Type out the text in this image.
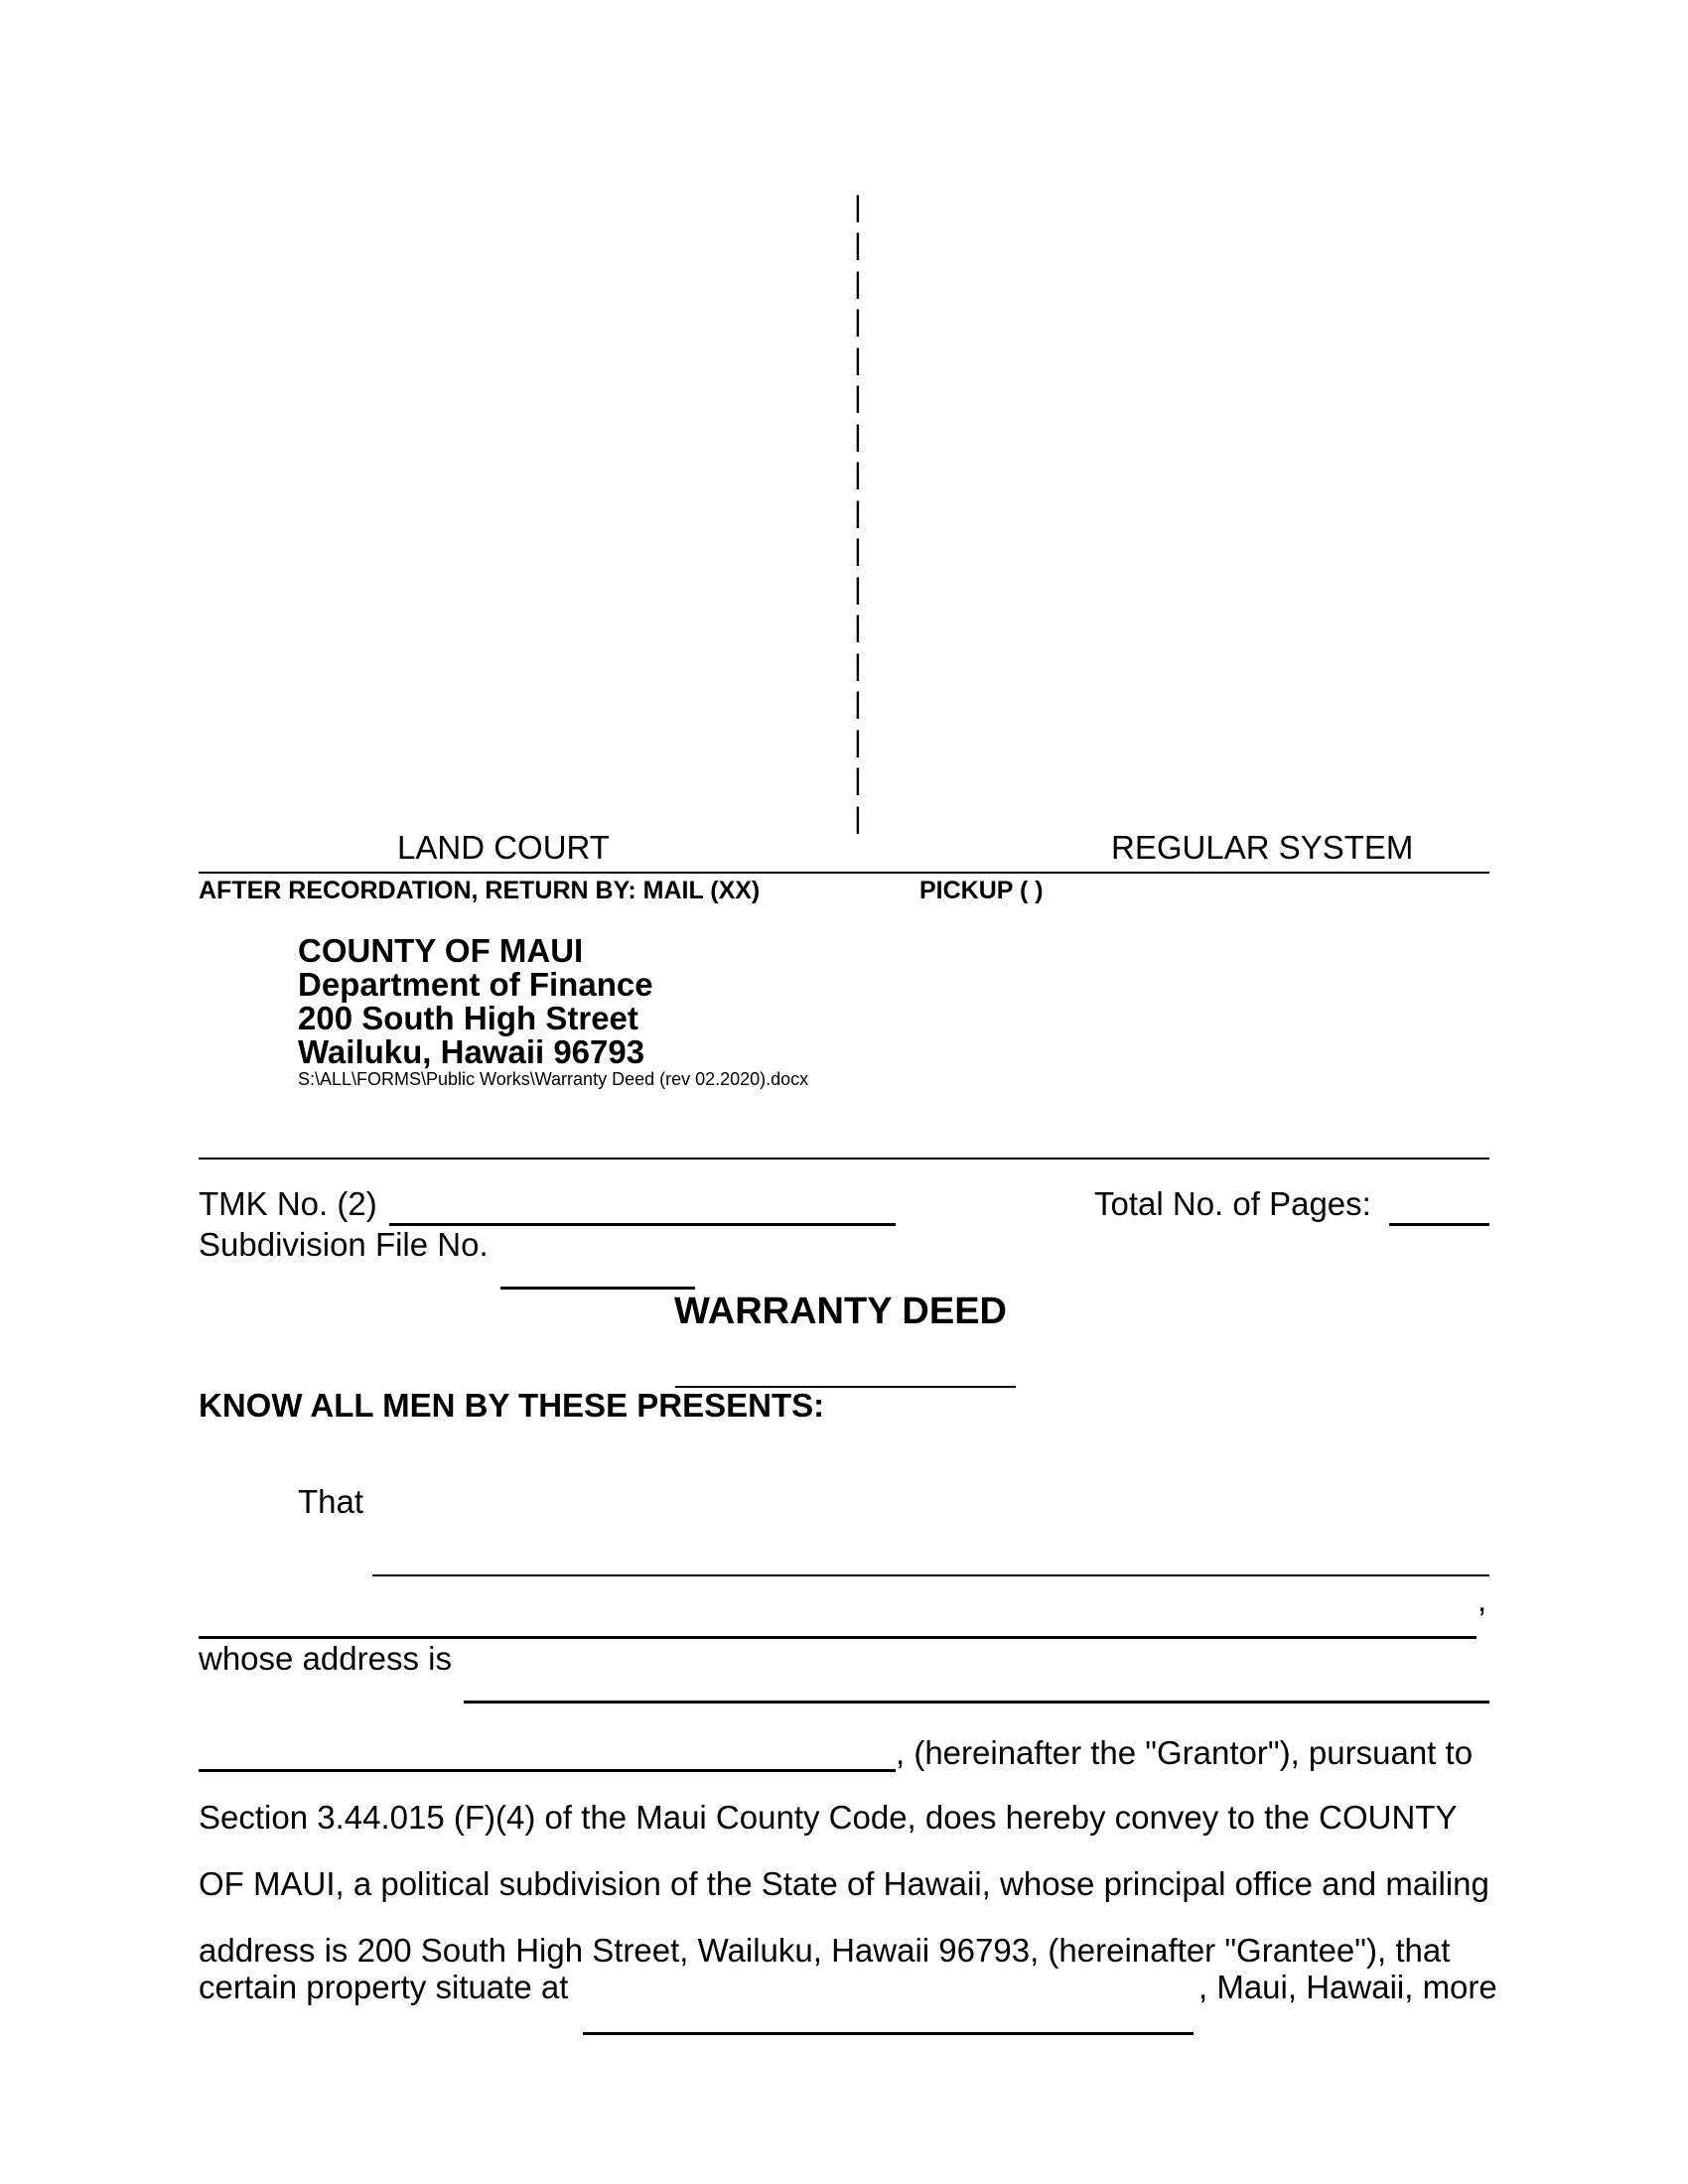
|
|
|
|
|
|
|
|
|
|
|
|
|
|
|
|
|
LAND COURT	REGULAR SYSTEM
AFTER RECORDATION, RETURN BY: MAIL (XX)	PICKUP ( )
COUNTY OF MAUI
Department of Finance
200 South High Street
Wailuku, Hawaii 96793
S:\ALL\FORMS\Public Works\Warranty Deed (rev 02.2020).docx
TMK No. (2)	Total No. of Pages:
Subdivision File No.
WARRANTY DEED
KNOW ALL MEN BY THESE PRESENTS:
That
,
whose address is
, (hereinafter the "Grantor"), pursuant to
Section 3.44.015 (F)(4) of the Maui County Code, does hereby convey to the COUNTY
OF MAUI, a political subdivision of the State of Hawaii, whose principal office and mailing
address is 200 South High Street, Wailuku, Hawaii 96793, (hereinafter "Grantee"), that
certain property situate at	, Maui, Hawaii, more
